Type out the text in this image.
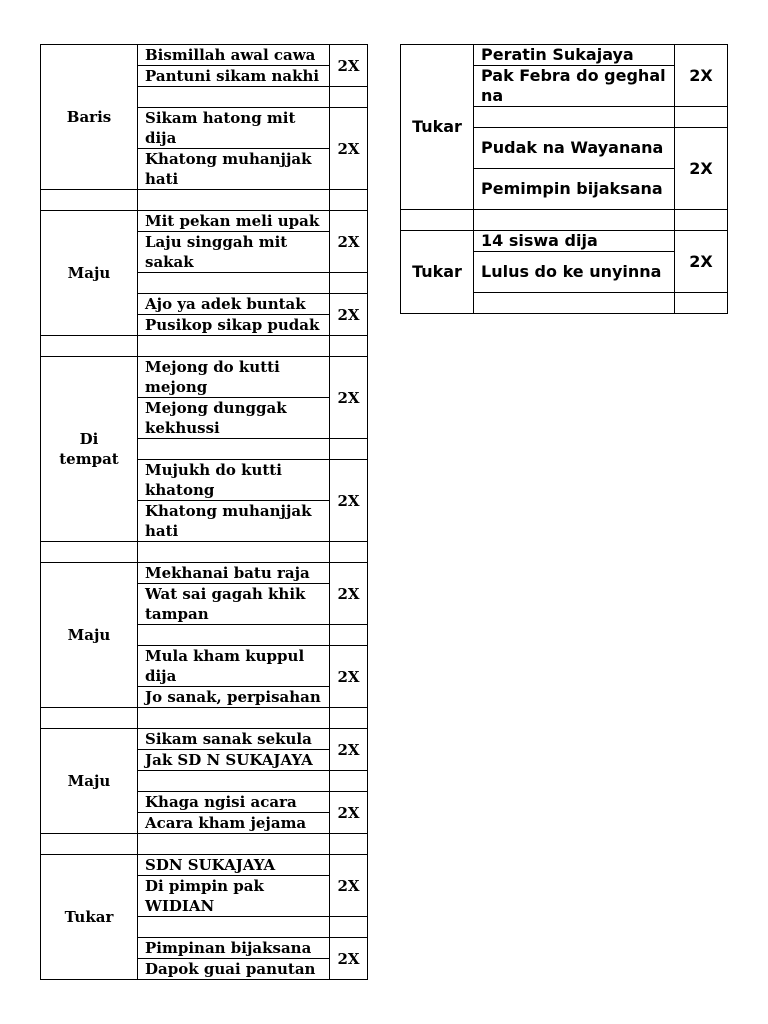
Baris	Bismillah awal cawa	2X
	Pantuni sikam nakhi	

	Sikam hatong mit dija	2X
	Khatong muhanjjak hati	

Maju	Mit pekan meli upak	2X
	Laju singgah mit sakak	

	Ajo ya adek buntak	2X
	Pusikop sikap pudak	

Di tempat	Mejong do kutti mejong	2X
	Mejong dunggak kekhussi	

	Mujukh do kutti khatong	2X
	Khatong muhanjjak hati	

Maju	Mekhanai batu raja	2X
	Wat sai gagah khik tampan	

	Mula kham kuppul dija	2X
	Jo sanak, perpisahan	

Maju	Sikam sanak sekula	2X
	Jak SD N SUKAJAYA	

	Khaga ngisi acara	2X
	Acara kham jejama	

Tukar	SDN SUKAJAYA	2X
	Di pimpin pak WIDIAN	

	Pimpinan bijaksana	2X
	Dapok guai panutan	
Tukar	Peratin Sukajaya	2X
	Pak Febra do geghal na	

	Pudak na Wayanana	2X
	Pemimpin bijaksana	

Tukar	14 siswa dija	2X
	Lulus do ke unyinna	
